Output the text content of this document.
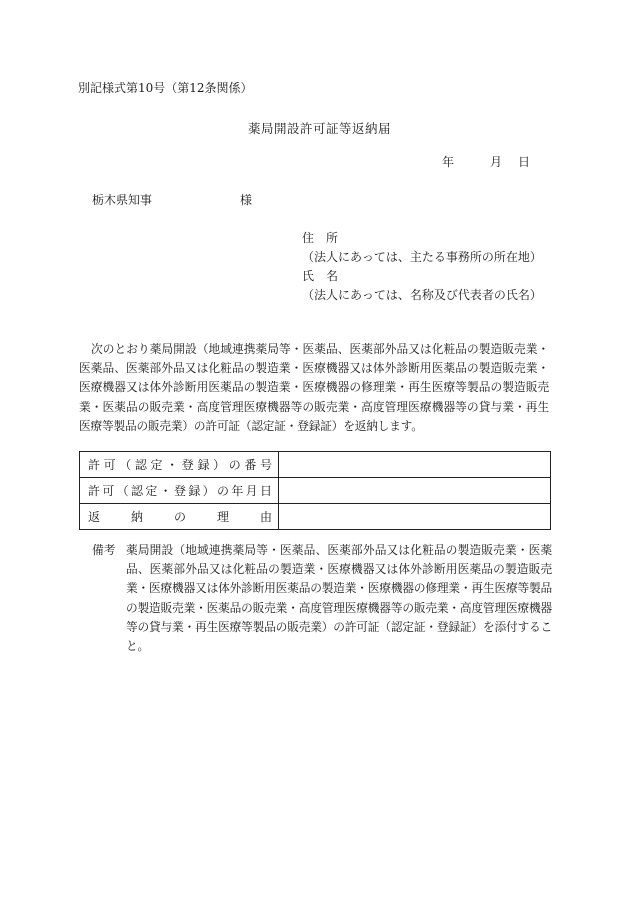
別記様式第10号（第12条関係）
薬局開設許可証等返納届
年	月 日
栃木県知事	様
住　所
（法人にあっては、主たる事務所の所在地）
氏　名
（法人にあっては、名称及び代表者の氏名）
次のとおり薬局開設（地域連携薬局等・医薬品、医薬部外品又は化粧品の製造販売業・医薬品、医薬部外品又は化粧品の製造業・医療機器又は体外診断用医薬品の製造販売業・医療機器又は体外診断用医薬品の製造業・医療機器の修理業・再生医療等製品の製造販売業・医薬品の販売業・高度管理医療機器等の販売業・高度管理医療機器等の貸与業・再生医療等製品の販売業）の許可証（認定証・登録証）を返納します。
許可（認定・登録）の番号	

許可（認定・登録）の年月日	

返納の理由	

備考 薬局開設（地域連携薬局等・医薬品、医薬部外品又は化粧品の製造販売業・医薬品、医薬部外品又は化粧品の製造業・医療機器又は体外診断用医薬品の製造販売業・医療機器又は体外診断用医薬品の製造業・医療機器の修理業・再生医療等製品の製造販売業・医薬品の販売業・高度管理医療機器等の販売業・高度管理医療機器等の貸与業・再生医療等製品の販売業）の許可証（認定証・登録証）を添付すること。
